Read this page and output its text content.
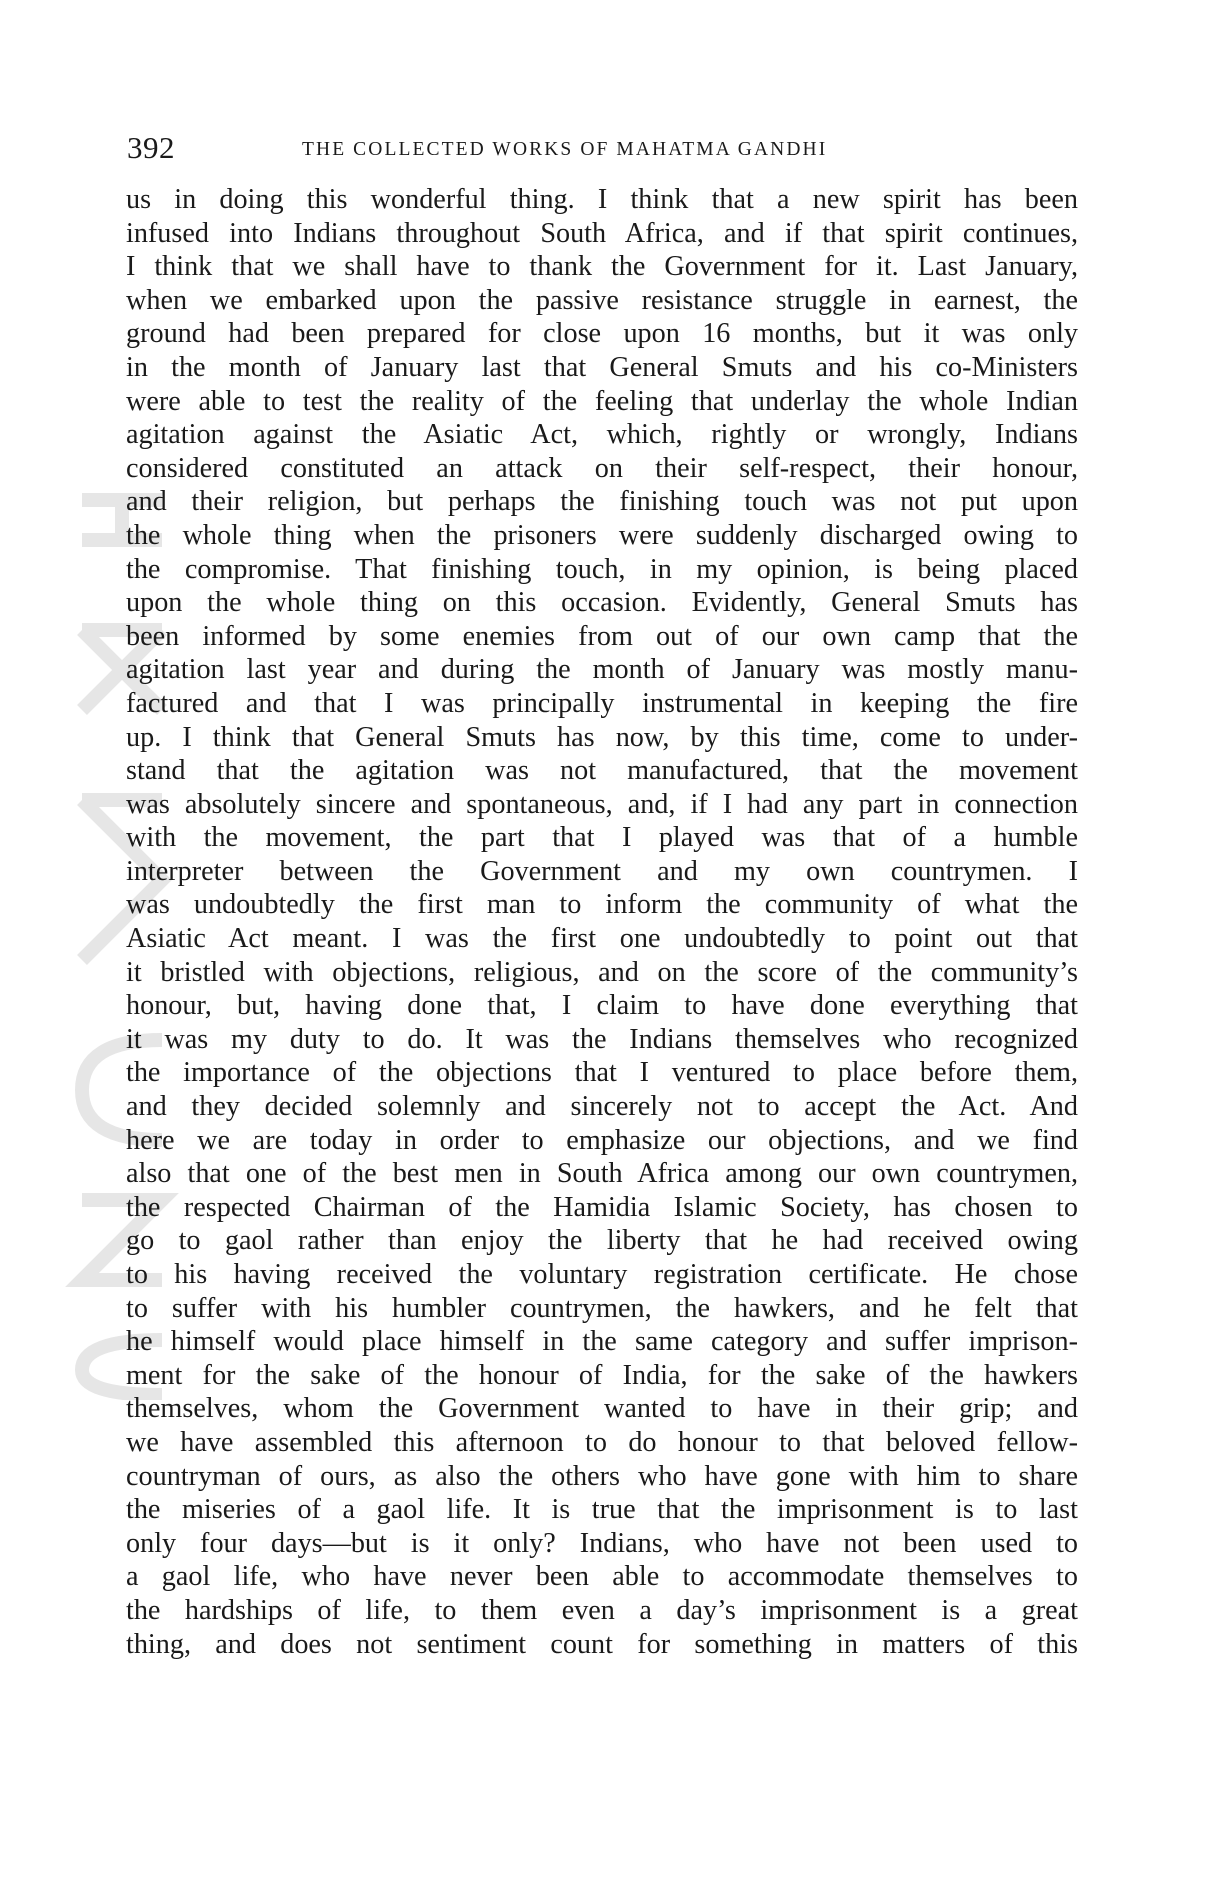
392	THE COLLECTED WORKS OF MAHATMA GANDHI
us in doing this wonderful thing. I think that a new spirit has been
infused into Indians throughout South Africa, and if that spirit continues,
I think that we shall have to thank the Government for it. Last January,
when we embarked upon the passive resistance struggle in earnest, the
ground had been prepared for close upon 16 months, but it was only
in the month of January last that General Smuts and his co-Ministers
were able to test the reality of the feeling that underlay the whole Indian
agitation against the Asiatic Act, which, rightly or wrongly, Indians
considered constituted an attack on their self-respect, their honour,
and their religion, but perhaps the finishing touch was not put upon
the whole thing when the prisoners were suddenly discharged owing to
the compromise. That finishing touch, in my opinion, is being placed
upon the whole thing on this occasion. Evidently, General Smuts has
been informed by some enemies from out of our own camp that the
agitation last year and during the month of January was mostly manu-
factured and that I was principally instrumental in keeping the fire
up. I think that General Smuts has now, by this time, come to under-
stand that the agitation was not manufactured, that the movement
was absolutely sincere and spontaneous, and, if I had any part in connection
with the movement, the part that I played was that of a humble
interpreter between the Government and my own countrymen. I
was undoubtedly the first man to inform the community of what the
Asiatic Act meant. I was the first one undoubtedly to point out that
it bristled with objections, religious, and on the score of the community’s
honour, but, having done that, I claim to have done everything that
it was my duty to do. It was the Indians themselves who recognized
the importance of the objections that I ventured to place before them,
and they decided solemnly and sincerely not to accept the Act. And
here we are today in order to emphasize our objections, and we find
also that one of the best men in South Africa among our own countrymen,
the respected Chairman of the Hamidia Islamic Society, has chosen to
go to gaol rather than enjoy the liberty that he had received owing
to his having received the voluntary registration certificate. He chose
to suffer with his humbler countrymen, the hawkers, and he felt that
he himself would place himself in the same category and suffer imprison-
ment for the sake of the honour of India, for the sake of the hawkers
themselves, whom the Government wanted to have in their grip; and
we have assembled this afternoon to do honour to that beloved fellow-
countryman of ours, as also the others who have gone with him to share
the miseries of a gaol life. It is true that the imprisonment is to last
only four days—but is it only? Indians, who have not been used to
a gaol life, who have never been able to accommodate themselves to
the hardships of life, to them even a day’s imprisonment is a great
thing, and does not sentiment count for something in matters of this
